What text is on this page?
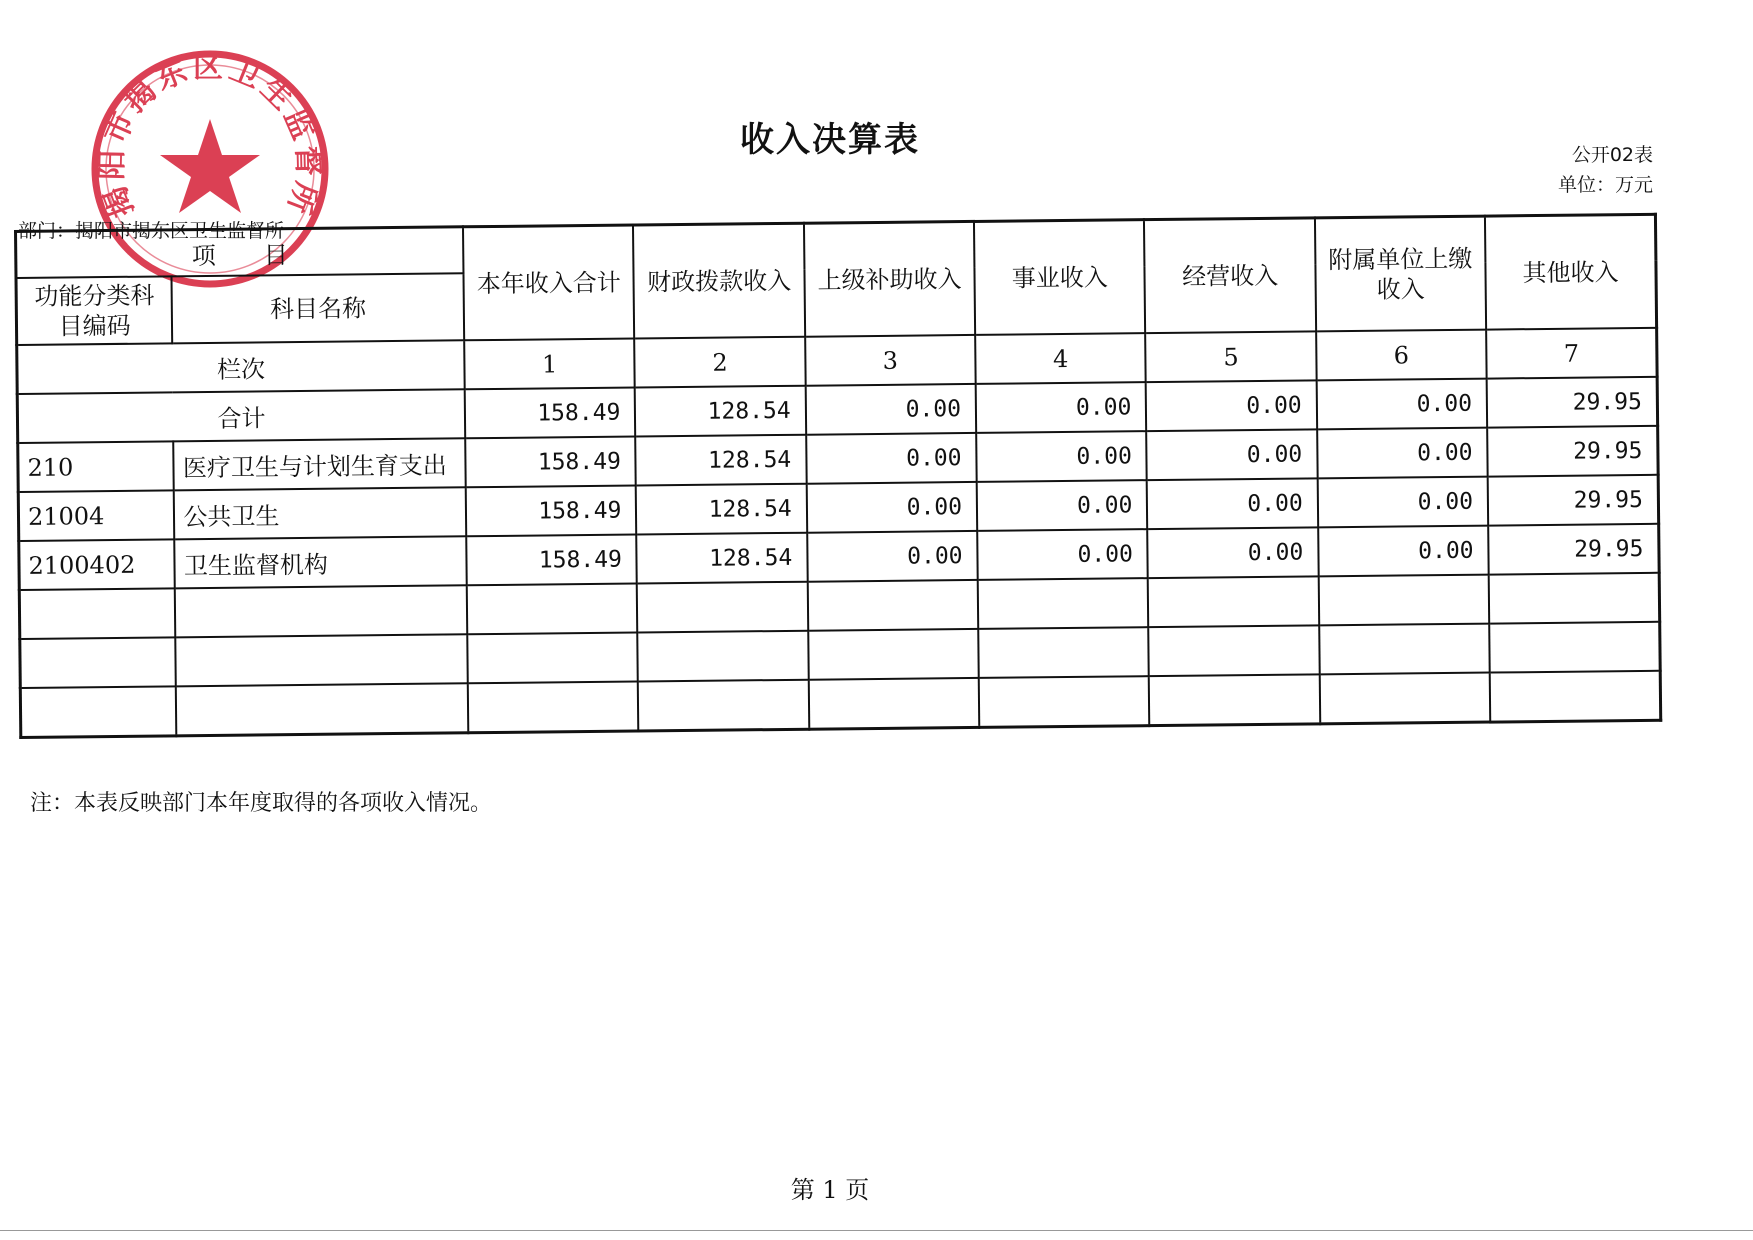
揭阳市揭东区卫生监督所
收入决算表	公开02表
单位：万元
部门：揭阳市揭东区卫生监督所
项　　目		本年收入合计	财政拨款收入	上级补助收入	事业收入	经营收入	附属单位上缴收入	其他收入
功能分类科目编码	科目名称							
栏次		1	2	3	4	5	6	7
合计		158.49	128.54	0.00	0.00	0.00	0.00	29.95
210	医疗卫生与计划生育支出	158.49	128.54	0.00	0.00	0.00	0.00	29.95
21004	公共卫生	158.49	128.54	0.00	0.00	0.00	0.00	29.95
2100402	卫生监督机构	158.49	128.54	0.00	0.00	0.00	0.00	29.95

注：本表反映部门本年度取得的各项收入情况。
第 1 页
